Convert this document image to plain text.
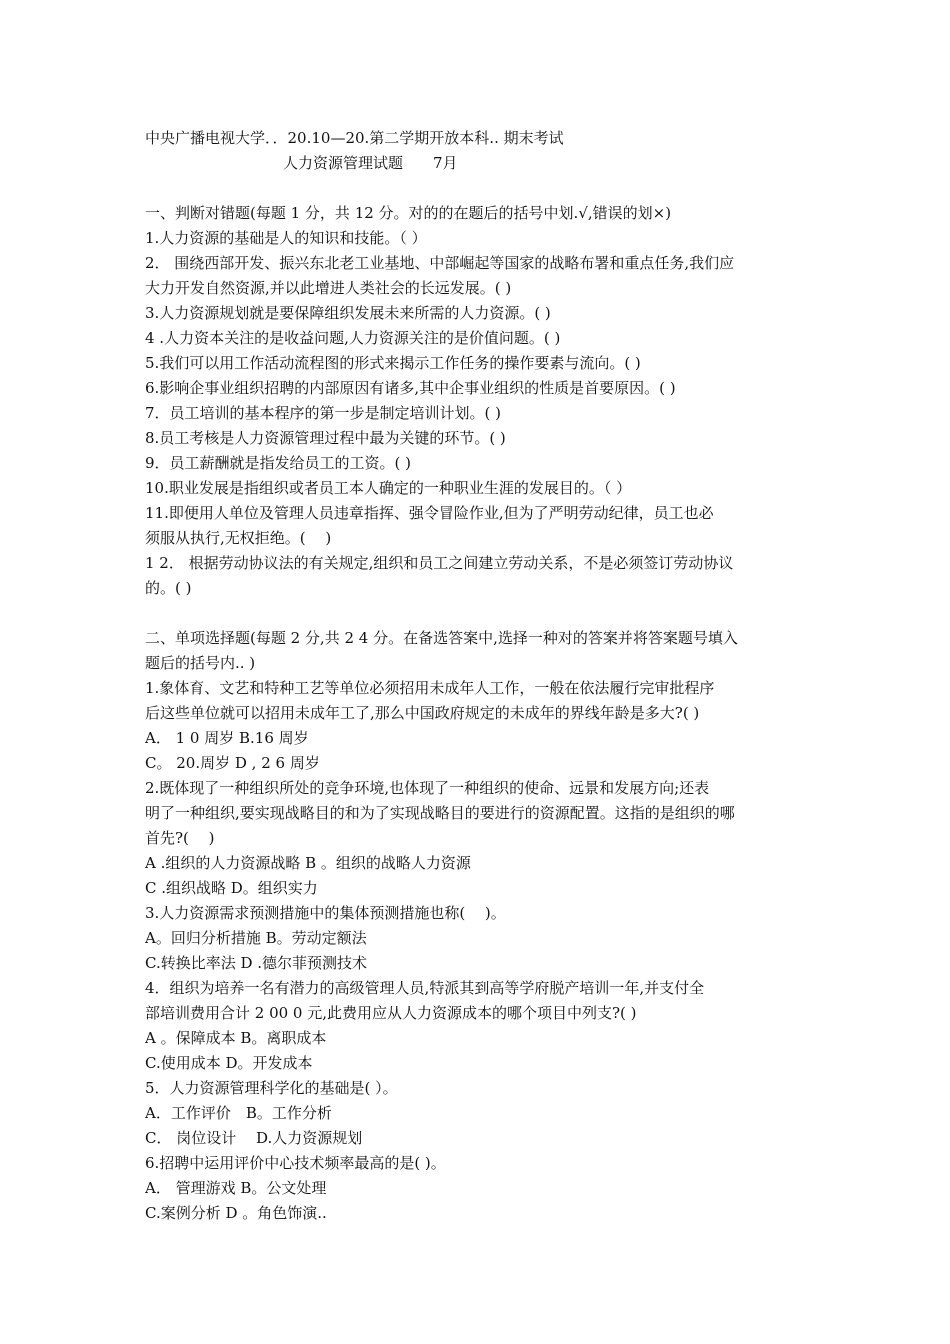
中央广播电视大学．．20.10—20.第二学期开放本科.. 期末考试
人力资源管理试题　　7月
一、判断对错题(每题 1 分，共 12 分。对的的在题后的括号中划.√,错误的划×)
1.人力资源的基础是人的知识和技能。（ ）
2． 围绕西部开发、振兴东北老工业基地、中部崛起等国家的战略布署和重点任务,我们应
大力开发自然资源,并以此增进人类社会的长远发展。( )
3.人力资源规划就是要保障组织发展未来所需的人力资源。( )
4 .人力资本关注的是收益问题,人力资源关注的是价值问题。( )
5.我们可以用工作活动流程图的形式来揭示工作任务的操作要素与流向。( )
6.影响企事业组织招聘的内部原因有诸多,其中企事业组织的性质是首要原因。( )
7．员工培训的基本程序的第一步是制定培训计划。( )
8.员工考核是人力资源管理过程中最为关键的环节。( )
9．员工薪酬就是指发给员工的工资。( )
10.职业发展是指组织或者员工本人确定的一种职业生涯的发展目的。（ ）
11.即便用人单位及管理人员违章指挥、强令冒险作业,但为了严明劳动纪律，员工也必
须服从执行,无权拒绝。(　 )
1 2． 根据劳动协议法的有关规定,组织和员工之间建立劳动关系，不是必须签订劳动协议
的。( )
二、单项选择题(每题 2 分,共 2 4 分。在备选答案中,选择一种对的答案并将答案题号填入
题后的括号内.. )
1.象体育、文艺和特种工艺等单位必须招用未成年人工作，一般在依法履行完审批程序
后这些单位就可以招用未成年工了,那么中国政府规定的未成年的界线年龄是多大?( )
A． 1 0 周岁 B.16 周岁
C。 20.周岁 D , 2 6 周岁
2.既体现了一种组织所处的竞争环境,也体现了一种组织的使命、远景和发展方向;还表
明了一种组织,要实现战略目的和为了实现战略目的要进行的资源配置。这指的是组织的哪
首先?(　 )
A .组织的人力资源战略 B 。组织的战略人力资源
C .组织战略 D。组织实力
3.人力资源需求预测措施中的集体预测措施也称(　 )。
A。回归分析措施 B。劳动定额法
C.转换比率法 D .德尔菲预测技术
4．组织为培养一名有潜力的高级管理人员,特派其到高等学府脱产培训一年,并支付全
部培训费用合计 2 00 0 元,此费用应从人力资源成本的哪个项目中列支?( )
A 。保障成本 B。离职成本
C.使用成本 D。开发成本
5．人力资源管理科学化的基础是( ）。
A．工作评价　B。工作分析
C． 岗位设计　 D.人力资源规划
6.招聘中运用评价中心技术频率最高的是( )。
A． 管理游戏 B。公文处理
C.案例分析 D 。角色饰演..
